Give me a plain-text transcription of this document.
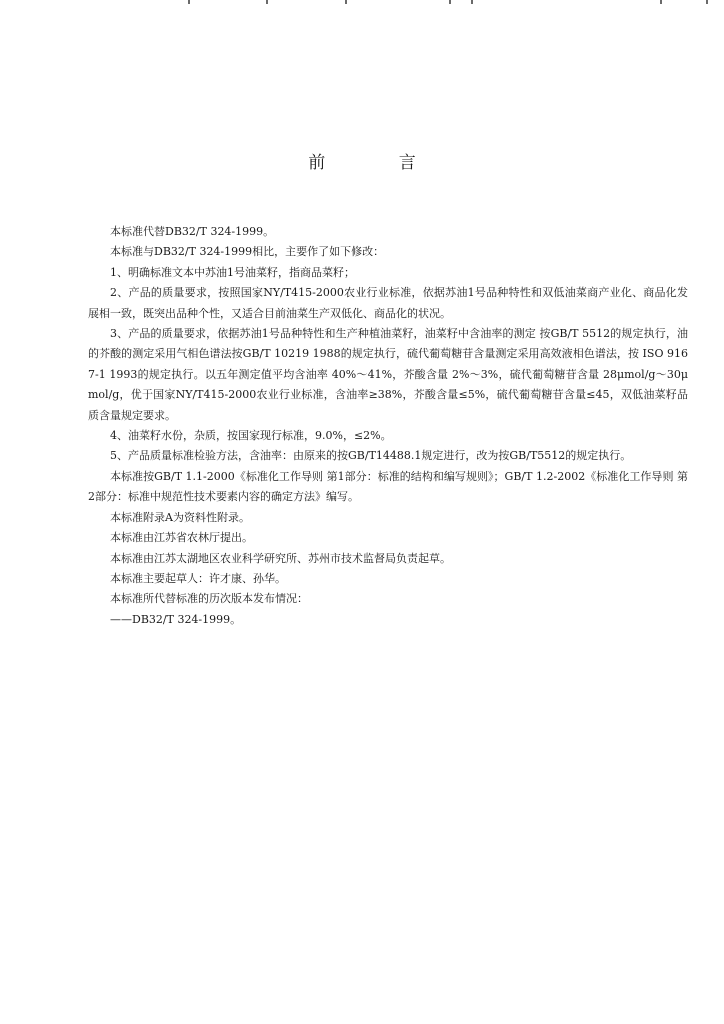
前 言

本标准代替DB32/T 324-1999。

本标准与DB32/T 324-1999相比，主要作了如下修改：

1、明确标准文本中苏油1号油菜籽，指商品菜籽；

2、产品的质量要求，按照国家NY/T415-2000农业行业标准，依据苏油1号品种特性和双低油菜商产业化、商品化发展相一致，既突出品种个性，又适合目前油菜生产双低化、商品化的状况。

3、产品的质量要求，依据苏油1号品种特性和生产种植油菜籽，油菜籽中含油率的测定 按GB/T 5512的规定执行，油的芥酸的测定采用气相色谱法按GB/T 10219 1988的规定执行，硫代葡萄糖苷含量测定采用高效液相色谱法，按 ISO 9167-1 1993的规定执行。以五年测定值平均含油率 40%～41%，芥酸含量 2%～3%，硫代葡萄糖苷含量 28μmol/g～30μmol/g，优于国家NY/T415-2000农业行业标准，含油率≥38%，芥酸含量≤5%，硫代葡萄糖苷含量≤45，双低油菜籽品质含量规定要求。

4、油菜籽水份，杂质，按国家现行标准，9.0%，≤2%。

5、产品质量标准检验方法，含油率：由原来的按GB/T14488.1规定进行，改为按GB/T5512的规定执行。

本标准按GB/T 1.1-2000《标准化工作导则 第1部分：标准的结构和编写规则》；GB/T 1.2-2002《标准化工作导则 第2部分：标准中规范性技术要素内容的确定方法》编写。

本标准附录A为资料性附录。

本标准由江苏省农林厅提出。

本标准由江苏太湖地区农业科学研究所、苏州市技术监督局负责起草。

本标准主要起草人：许才康、孙华。

本标准所代替标准的历次版本发布情况：

——DB32/T 324-1999。
